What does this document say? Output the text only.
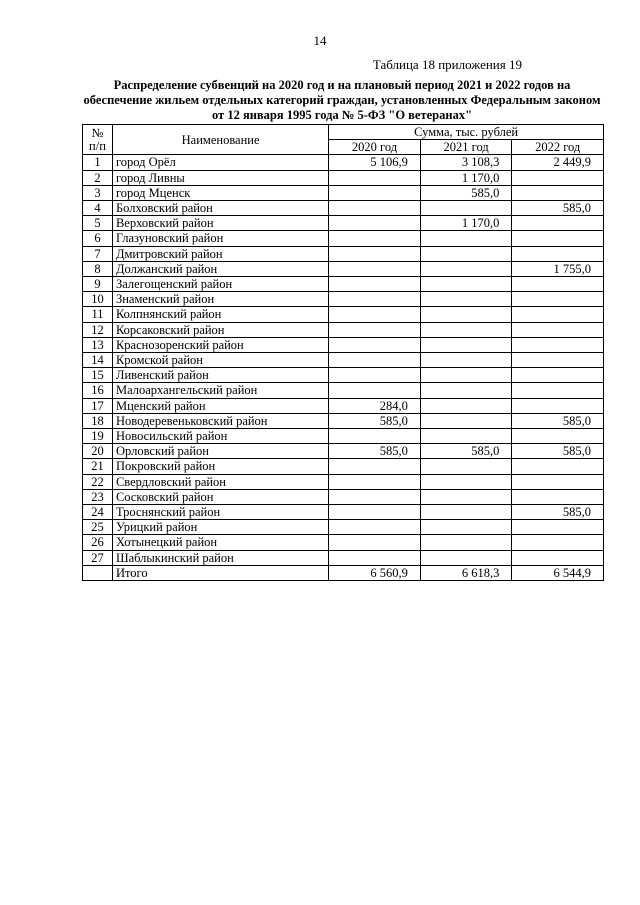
14
Таблица 18 приложения 19
Распределение субвенций на 2020 год и на плановый период 2021 и 2022 годов на обеспечение жильем отдельных категорий граждан, установленных Федеральным законом от 12 января 1995 года № 5-ФЗ "О ветеранах"
№
п/п	Наименование	Сумма, тыс. рублей		
		2020 год	2021 год	2022 год
1	город Орёл	5 106,9	3 108,3	2 449,9
2	город Ливны		1 170,0	
3	город Мценск		585,0	
4	Болховский район			585,0
5	Верховский район		1 170,0	
6	Глазуновский район			
7	Дмитровский район			
8	Должанский район			1 755,0
9	Залегощенский район			
10	Знаменский район			
11	Колпнянский район			
12	Корсаковский район			
13	Краснозоренский район			
14	Кромской район			
15	Ливенский район			
16	Малоархангельский район			
17	Мценский район	284,0		
18	Новодеревеньковский район	585,0		585,0
19	Новосильский район			
20	Орловский район	585,0	585,0	585,0
21	Покровский район			
22	Свердловский район			
23	Сосковский район			
24	Троснянский район			585,0
25	Урицкий район			
26	Хотынецкий район			
27	Шаблыкинский район			
	Итого	6 560,9	6 618,3	6 544,9
